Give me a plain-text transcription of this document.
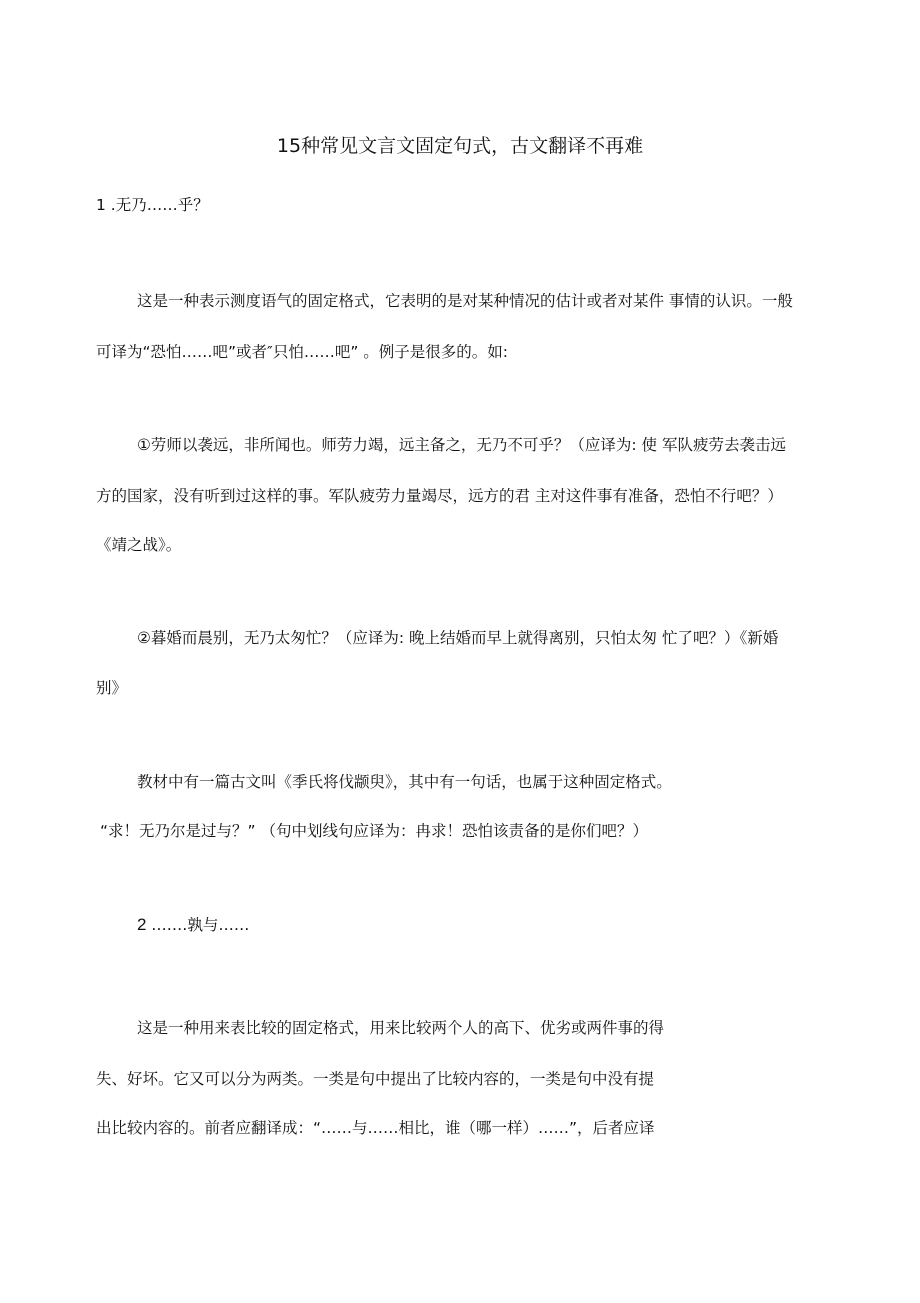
15种常见文言文固定句式，古文翻译不再难
1 .无乃……乎？
这是一种表示测度语气的固定格式，它表明的是对某种情况的估计或者对某件 事情的认识。一般
可译为“恐怕……吧”或者″只怕……吧” 。例子是很多的。如:
①劳师以袭远，非所闻也。师劳力竭，远主备之，无乃不可乎？（应译为: 使 军队疲劳去袭击远
方的国家，没有听到过这样的事。军队疲劳力量竭尽，远方的君 主对这件事有准备，恐怕不行吧？）
《靖之战》。
②暮婚而晨别，无乃太匆忙？（应译为: 晚上结婚而早上就得离别，只怕太匆 忙了吧？）《新婚
别》
教材中有一篇古文叫《季氏将伐颛臾》，其中有一句话，也属于这种固定格式。
“求！无乃尔是过与？” （句中划线句应译为：冉求！恐怕该责备的是你们吧？）
2 .……孰与……
这是一种用来表比较的固定格式，用来比较两个人的高下、优劣或两件事的得
失、好坏。它又可以分为两类。一类是句中提出了比较内容的，一类是句中没有提
出比较内容的。前者应翻译成：“……与……相比，谁（哪一样）……”，后者应译
